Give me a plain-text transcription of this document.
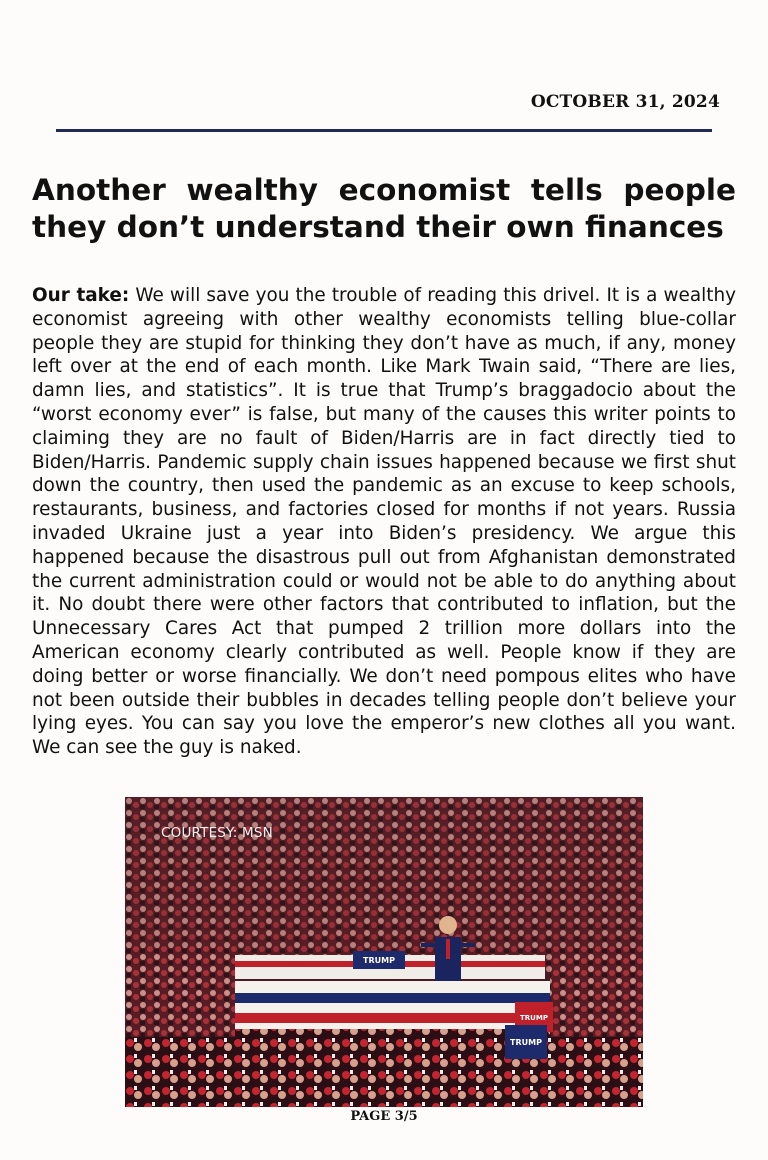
OCTOBER 31, 2024
Another wealthy economist tells people they don’t understand their own finances

Our take: We will save you the trouble of reading this drivel. It is a wealthy economist agreeing with other wealthy economists telling blue-collar people they are stupid for thinking they don’t have as much, if any, money left over at the end of each month. Like Mark Twain said, “There are lies, damn lies, and statistics”. It is true that Trump’s braggadocio about the “worst economy ever” is false, but many of the causes this writer points to claiming they are no fault of Biden/Harris are in fact directly tied to Biden/Harris. Pandemic supply chain issues happened because we first shut down the country, then used the pandemic as an excuse to keep schools, restaurants, business, and factories closed for months if not years. Russia invaded Ukraine just a year into Biden’s presidency. We argue this happened because the disastrous pull out from Afghanistan demonstrated the current administration could or would not be able to do anything about it. No doubt there were other factors that contributed to inflation, but the Unnecessary Cares Act that pumped 2 trillion more dollars into the American economy clearly contributed as well. People know if they are doing better or worse financially. We don’t need pompous elites who have not been outside their bubbles in decades telling people don’t believe your lying eyes. You can say you love the emperor’s new clothes all you want. We can see the guy is naked.

TRUMP
TRUMP
TRUMP
COURTESY: MSN
PAGE 3/5
